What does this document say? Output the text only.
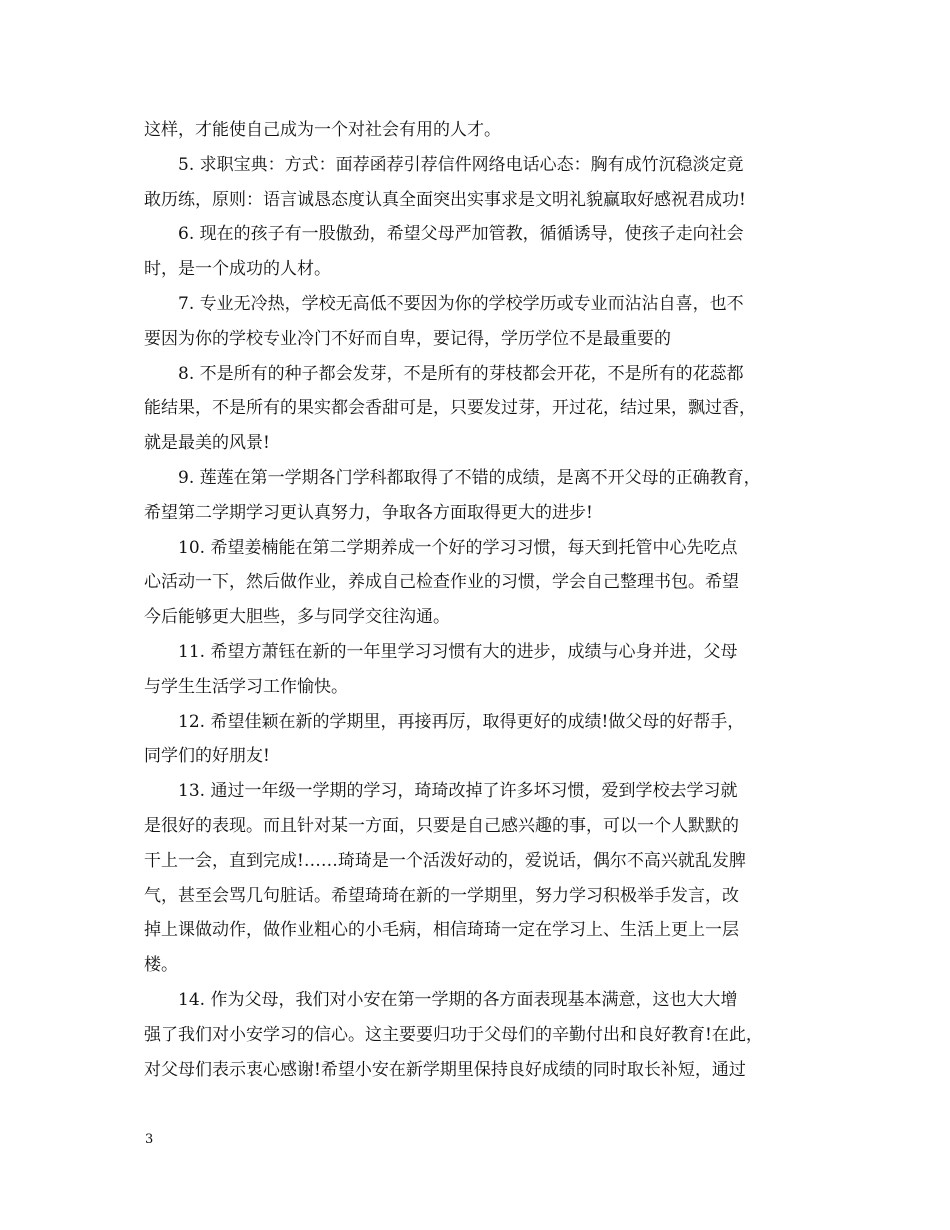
这样，才能使自己成为一个对社会有用的人才。
5. 求职宝典：方式：面荐函荐引荐信件网络电话心态：胸有成竹沉稳淡定竟
敢历练，原则：语言诚恳态度认真全面突出实事求是文明礼貌赢取好感祝君成功!
6. 现在的孩子有一股傲劲，希望父母严加管教，循循诱导，使孩子走向社会
时，是一个成功的人材。
7. 专业无冷热，学校无高低不要因为你的学校学历或专业而沾沾自喜，也不
要因为你的学校专业冷门不好而自卑，要记得，学历学位不是最重要的
8. 不是所有的种子都会发芽，不是所有的芽枝都会开花，不是所有的花蕊都
能结果，不是所有的果实都会香甜可是，只要发过芽，开过花，结过果，飘过香，
就是最美的风景!
9. 莲莲在第一学期各门学科都取得了不错的成绩，是离不开父母的正确教育，
希望第二学期学习更认真努力，争取各方面取得更大的进步!
10. 希望姜楠能在第二学期养成一个好的学习习惯，每天到托管中心先吃点
心活动一下，然后做作业，养成自己检查作业的习惯，学会自己整理书包。希望
今后能够更大胆些，多与同学交往沟通。
11. 希望方萧钰在新的一年里学习习惯有大的进步，成绩与心身并进，父母
与学生生活学习工作愉快。
12. 希望佳颖在新的学期里，再接再厉，取得更好的成绩!做父母的好帮手，
同学们的好朋友!
13. 通过一年级一学期的学习，琦琦改掉了许多坏习惯，爱到学校去学习就
是很好的表现。而且针对某一方面，只要是自己感兴趣的事，可以一个人默默的
干上一会，直到完成!……琦琦是一个活泼好动的，爱说话，偶尔不高兴就乱发脾
气，甚至会骂几句脏话。希望琦琦在新的一学期里，努力学习积极举手发言，改
掉上课做动作，做作业粗心的小毛病，相信琦琦一定在学习上、生活上更上一层
楼。
14. 作为父母，我们对小安在第一学期的各方面表现基本满意，这也大大增
强了我们对小安学习的信心。这主要要归功于父母们的辛勤付出和良好教育!在此，
对父母们表示衷心感谢!希望小安在新学期里保持良好成绩的同时取长补短，通过
3
